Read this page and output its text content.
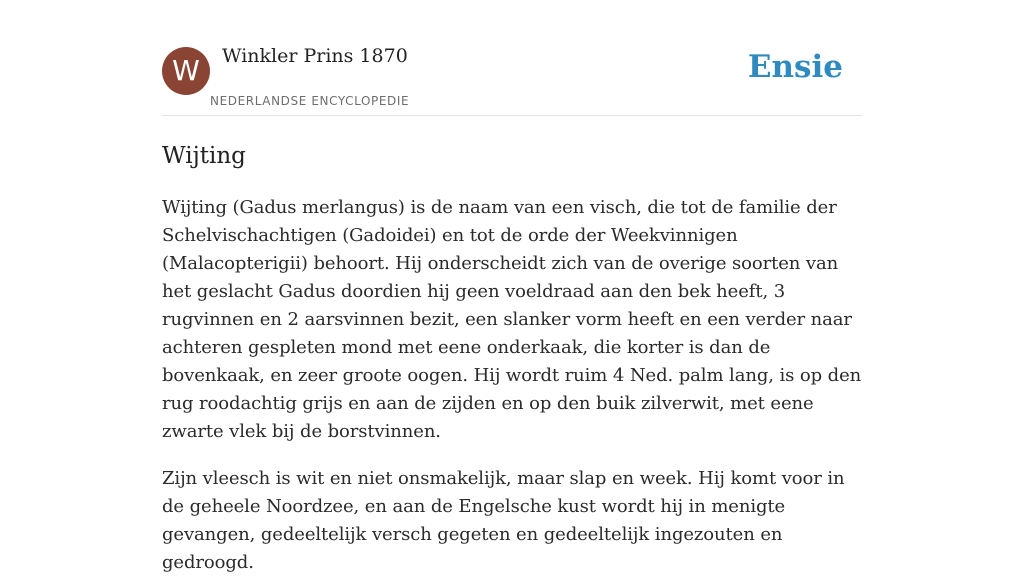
W	Winkler Prins 1870
NEDERLANDSE ENCYCLOPEDIE
Ensie
Wijting

Wijting (Gadus merlangus) is de naam van een visch, die tot de familie der Schelvischachtigen (Gadoidei) en tot de orde der Weekvinnigen (Malacopterigii) behoort. Hij onderscheidt zich van de overige soorten van het geslacht Gadus doordien hij geen voeldraad aan den bek heeft, 3 rugvinnen en 2 aarsvinnen bezit, een slanker vorm heeft en een verder naar achteren gespleten mond met eene onderkaak, die korter is dan de bovenkaak, en zeer groote oogen. Hij wordt ruim 4 Ned. palm lang, is op den rug roodachtig grijs en aan de zijden en op den buik zilverwit, met eene zwarte vlek bij de borstvinnen.

Zijn vleesch is wit en niet onsmakelijk, maar slap en week. Hij komt voor in de geheele Noordzee, en aan de Engelsche kust wordt hij in menigte gevangen, gedeeltelijk versch gegeten en gedeeltelijk ingezouten en gedroogd.
